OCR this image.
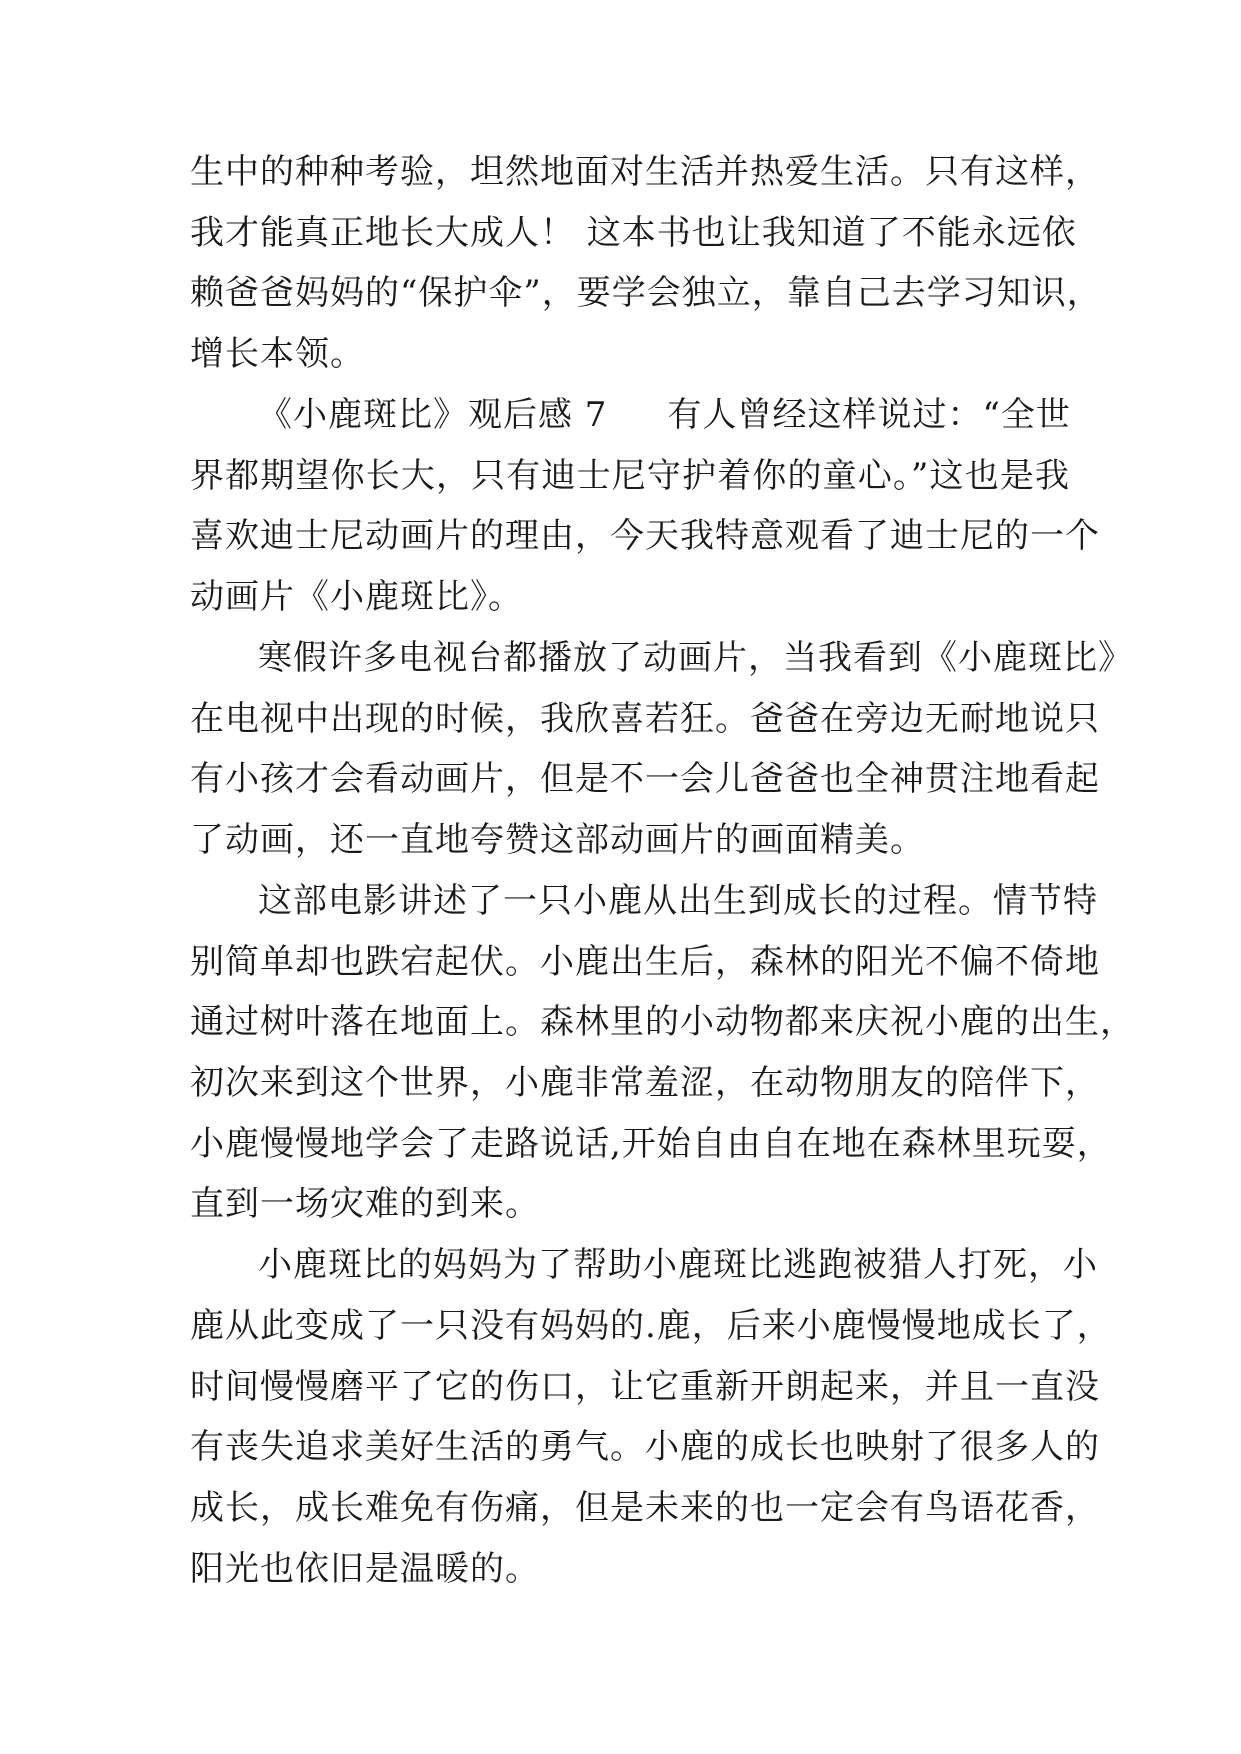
生中的种种考验，坦然地面对生活并热爱生活。只有这样，
我才能真正地长大成人！ 这本书也让我知道了不能永远依
赖爸爸妈妈的“保护伞”，要学会独立，靠自己去学习知识，
增长本领。
《小鹿斑比》观后感 7 有人曾经这样说过：“全世
界都期望你长大，只有迪士尼守护着你的童心。”这也是我
喜欢迪士尼动画片的理由，今天我特意观看了迪士尼的一个
动画片《小鹿斑比》。
寒假许多电视台都播放了动画片，当我看到《小鹿斑比》
在电视中出现的时候，我欣喜若狂。爸爸在旁边无耐地说只
有小孩才会看动画片，但是不一会儿爸爸也全神贯注地看起
了动画，还一直地夸赞这部动画片的画面精美。
这部电影讲述了一只小鹿从出生到成长的过程。情节特
别简单却也跌宕起伏。小鹿出生后，森林的阳光不偏不倚地
通过树叶落在地面上。森林里的小动物都来庆祝小鹿的出生，
初次来到这个世界，小鹿非常羞涩，在动物朋友的陪伴下，
小鹿慢慢地学会了走路说话,开始自由自在地在森林里玩耍，
直到一场灾难的到来。
小鹿斑比的妈妈为了帮助小鹿斑比逃跑被猎人打死，小
鹿从此变成了一只没有妈妈的.鹿，后来小鹿慢慢地成长了，
时间慢慢磨平了它的伤口，让它重新开朗起来，并且一直没
有丧失追求美好生活的勇气。小鹿的成长也映射了很多人的
成长，成长难免有伤痛，但是未来的也一定会有鸟语花香，
阳光也依旧是温暖的。
